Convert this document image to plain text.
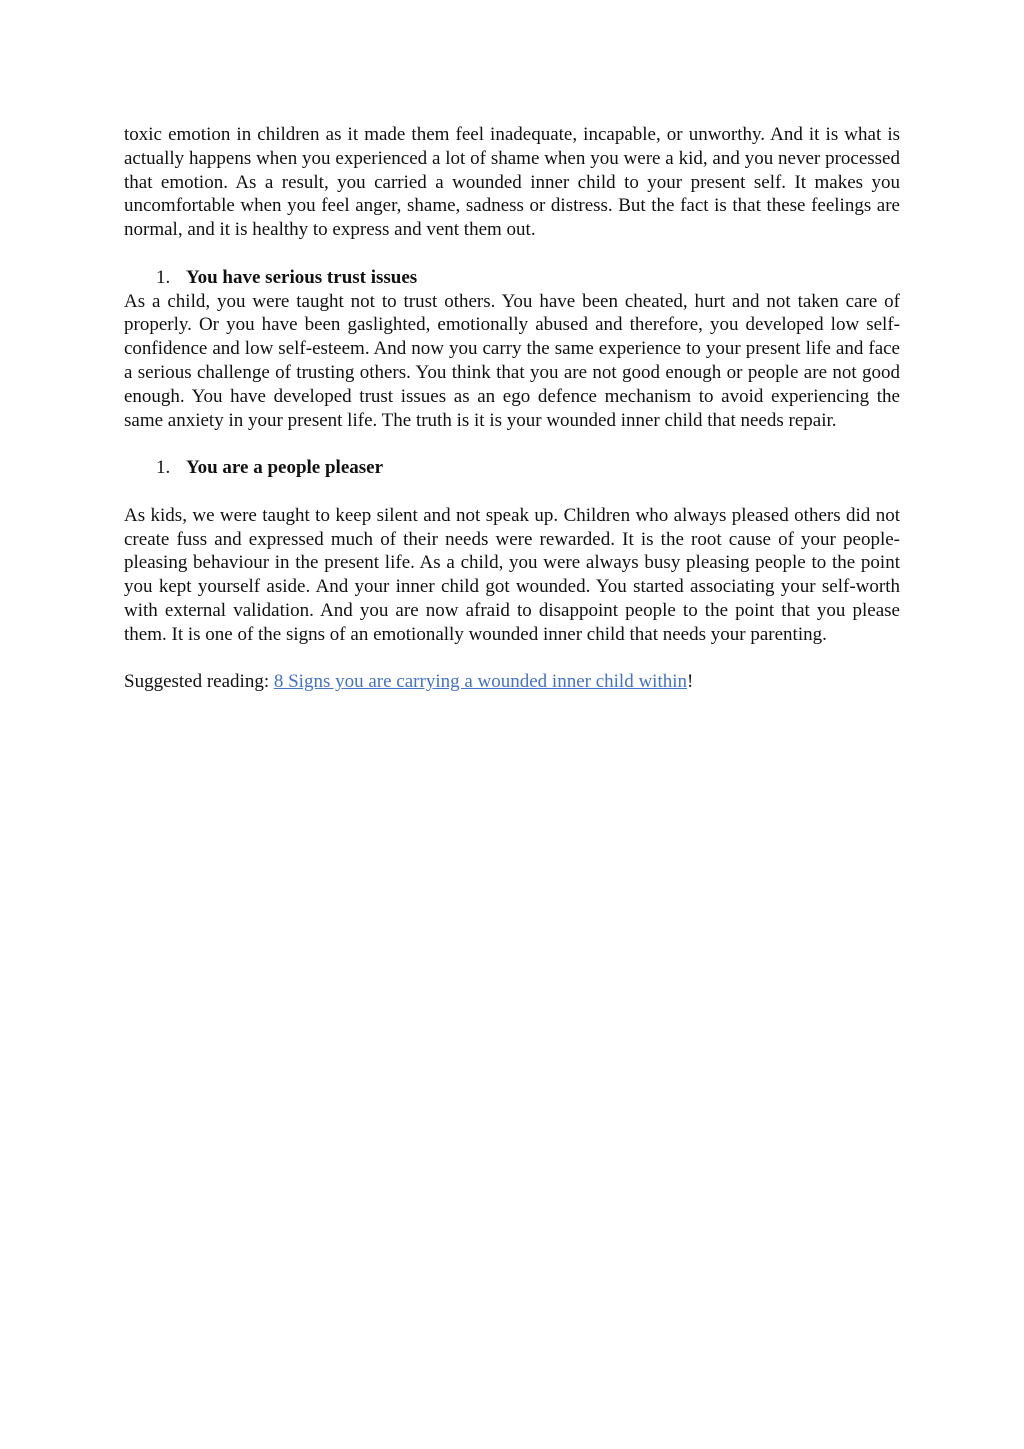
toxic emotion in children as it made them feel inadequate, incapable, or unworthy. And it is what is actually happens when you experienced a lot of shame when you were a kid, and you never processed that emotion. As a result, you carried a wounded inner child to your present self. It makes you uncomfortable when you feel anger, shame, sadness or distress. But the fact is that these feelings are normal, and it is healthy to express and vent them out.

1. You have serious trust issues

As a child, you were taught not to trust others. You have been cheated, hurt and not taken care of properly. Or you have been gaslighted, emotionally abused and therefore, you developed low self-confidence and low self-esteem. And now you carry the same experience to your present life and face a serious challenge of trusting others. You think that you are not good enough or people are not good enough. You have developed trust issues as an ego defence mechanism to avoid experiencing the same anxiety in your present life. The truth is it is your wounded inner child that needs repair.

1. You are a people pleaser

As kids, we were taught to keep silent and not speak up. Children who always pleased others did not create fuss and expressed much of their needs were rewarded. It is the root cause of your people-pleasing behaviour in the present life. As a child, you were always busy pleasing people to the point you kept yourself aside. And your inner child got wounded. You started associating your self-worth with external validation. And you are now afraid to disappoint people to the point that you please them. It is one of the signs of an emotionally wounded inner child that needs your parenting.

Suggested reading: 8 Signs you are carrying a wounded inner child within!
